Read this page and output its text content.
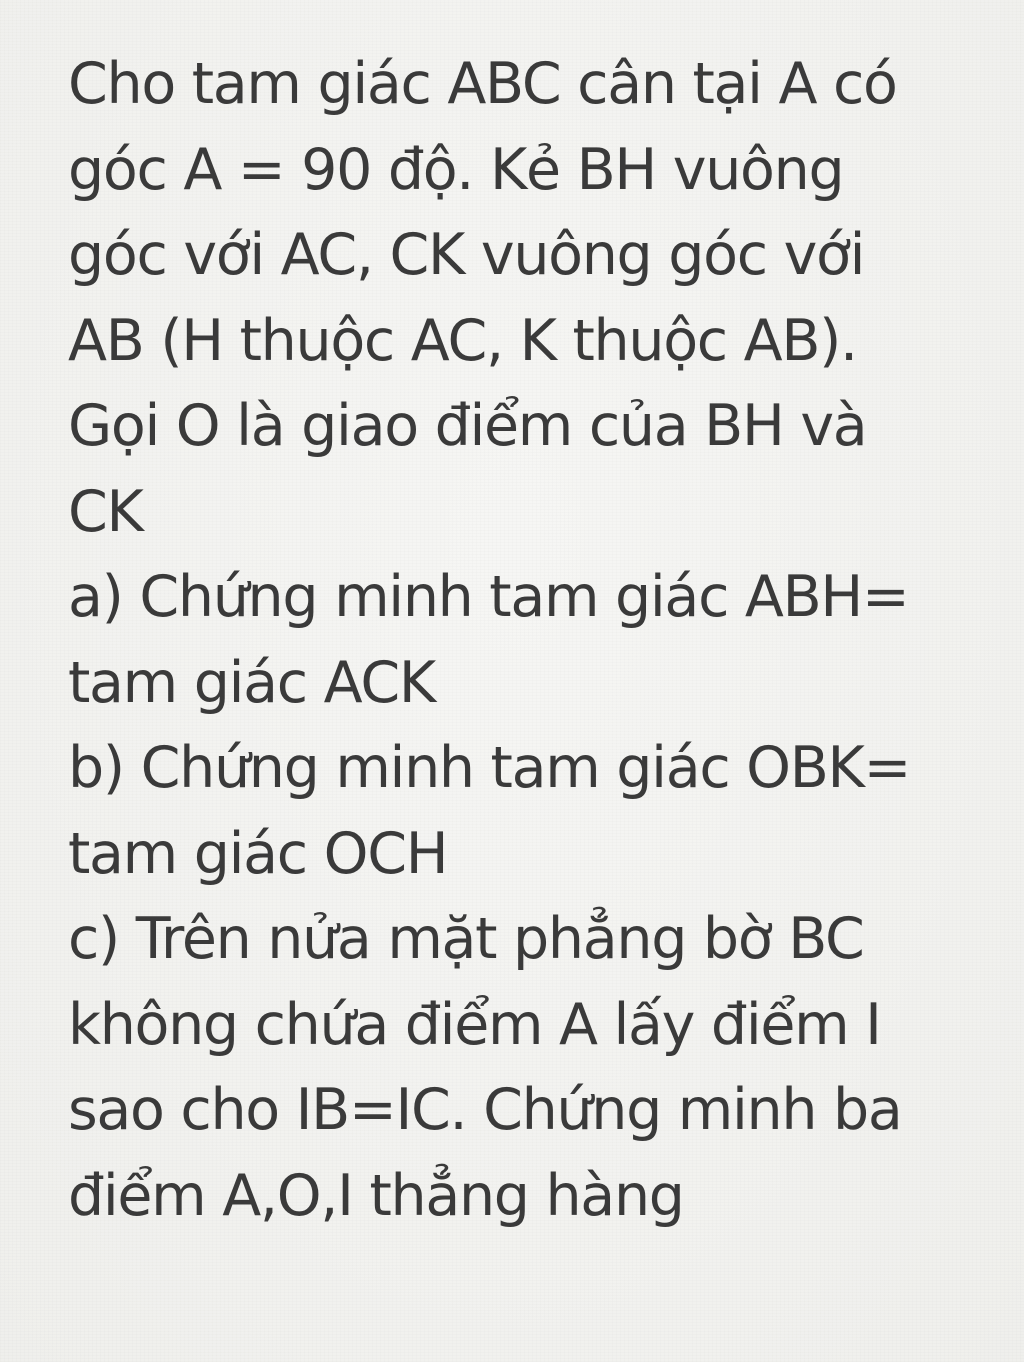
Cho tam giác ABC cân tại A có
góc A = 90 độ. Kẻ BH vuông
góc với AC, CK vuông góc với
AB (H thuộc AC, K thuộc AB).
Gọi O là giao điểm của BH và
CK
a) Chứng minh tam giác ABH=
tam giác ACK
b) Chứng minh tam giác OBK=
tam giác OCH
c) Trên nửa mặt phẳng bờ BC
không chứa điểm A lấy điểm I
sao cho IB=IC. Chứng minh ba
điểm A,O,I thẳng hàng
